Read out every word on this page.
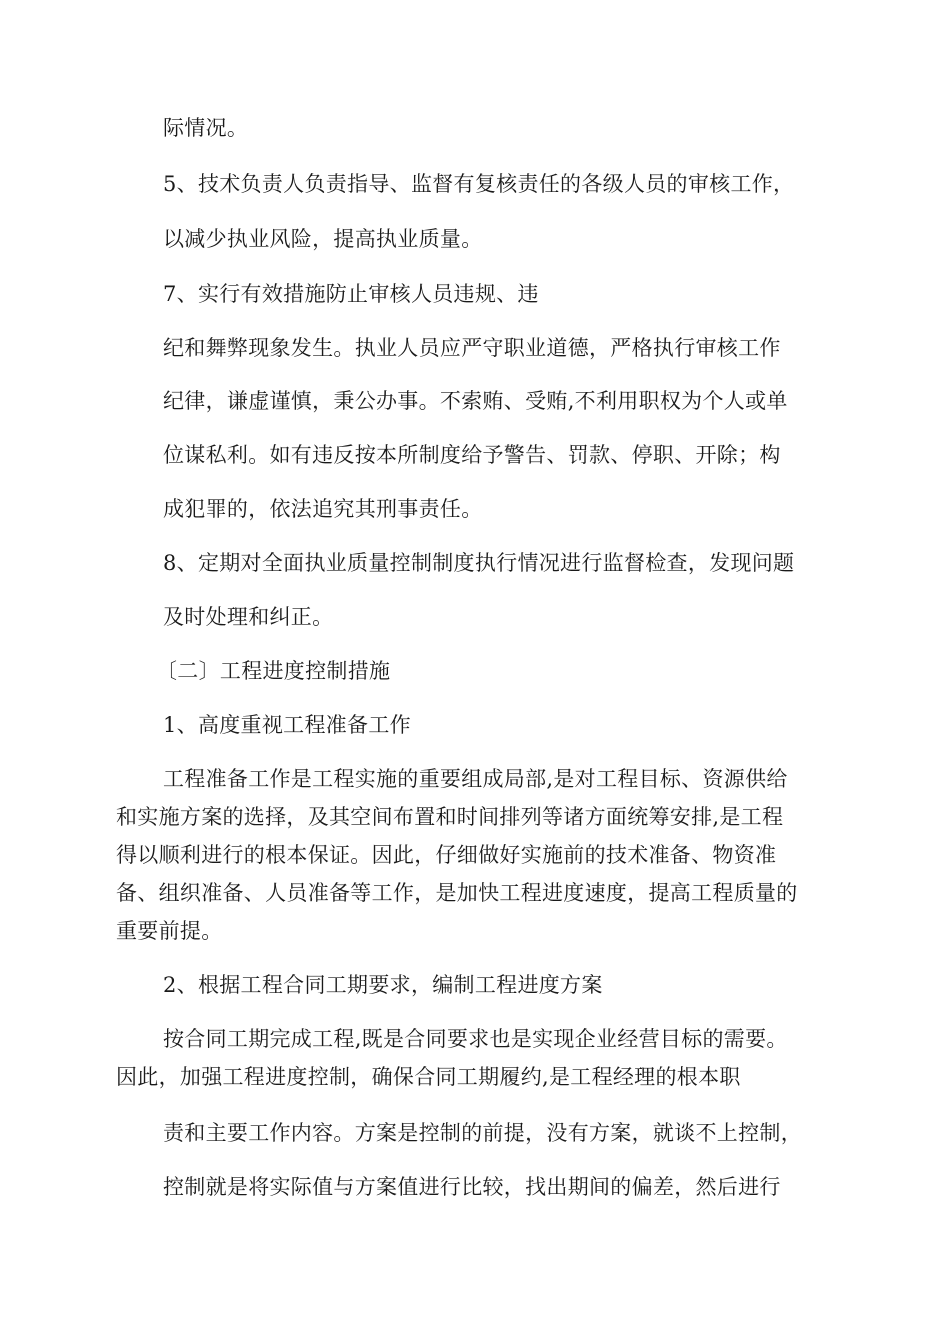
际情况。
5、技术负责人负责指导、监督有复核责任的各级人员的审核工作，
以减少执业风险，提高执业质量。
7、实行有效措施防止审核人员违规、违
纪和舞弊现象发生。执业人员应严守职业道德，严格执行审核工作
纪律，谦虚谨慎，秉公办事。不索贿、受贿,不利用职权为个人或单
位谋私利。如有违反按本所制度给予警告、罚款、停职、开除；构
成犯罪的，依法追究其刑事责任。
8、定期对全面执业质量控制制度执行情况进行监督检查，发现问题
及时处理和纠正。
〔二〕工程进度控制措施
1、高度重视工程准备工作
工程准备工作是工程实施的重要组成局部,是对工程目标、资源供给
和实施方案的选择，及其空间布置和时间排列等诸方面统筹安排,是工程
得以顺利进行的根本保证。因此，仔细做好实施前的技术准备、物资准
备、组织准备、人员准备等工作，是加快工程进度速度，提高工程质量的
重要前提。
2、根据工程合同工期要求，编制工程进度方案
按合同工期完成工程,既是合同要求也是实现企业经营目标的需要。
因此，加强工程进度控制，确保合同工期履约,是工程经理的根本职
责和主要工作内容。方案是控制的前提，没有方案，就谈不上控制，
控制就是将实际值与方案值进行比较，找出期间的偏差，然后进行
